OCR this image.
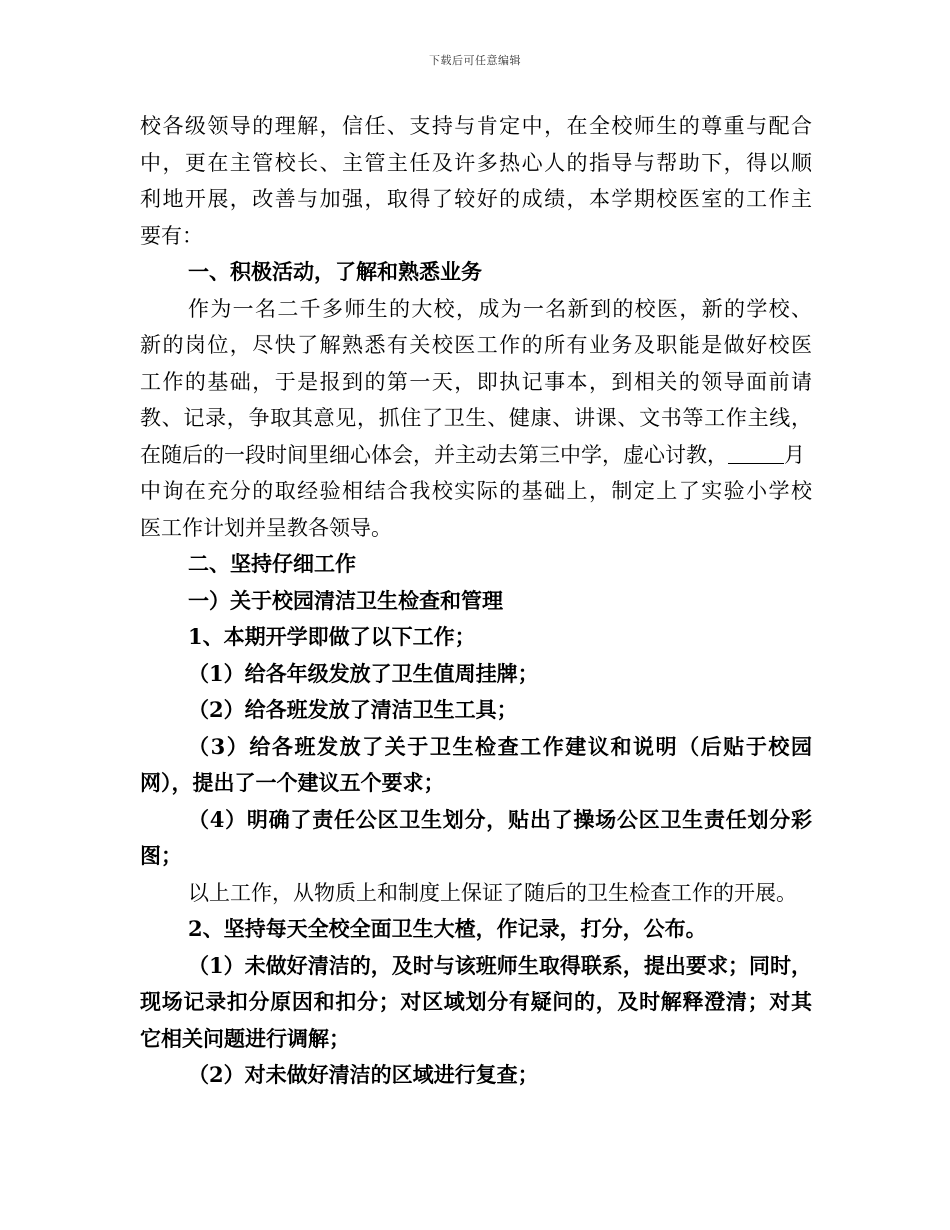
下载后可任意编辑
校各级领导的理解，信任、支持与肯定中，在全校师生的尊重与配合
中，更在主管校长、主管主任及许多热心人的指导与帮助下，得以顺
利地开展，改善与加强，取得了较好的成绩，本学期校医室的工作主
要有：
一、积极活动，了解和熟悉业务
作为一名二千多师生的大校，成为一名新到的校医，新的学校、
新的岗位，尽快了解熟悉有关校医工作的所有业务及职能是做好校医
工作的基础，于是报到的第一天，即执记事本，到相关的领导面前请
教、记录，争取其意见，抓住了卫生、健康、讲课、文书等工作主线，
在随后的一段时间里细心体会，并主动去第三中学，虚心讨教，	月
中询在充分的取经验相结合我校实际的基础上，制定上了实验小学校
医工作计划并呈教各领导。
二、坚持仔细工作
一）关于校园清洁卫生检查和管理
1、本期开学即做了以下工作；
（1）给各年级发放了卫生值周挂牌；
（2）给各班发放了清洁卫生工具；
（3）给各班发放了关于卫生检查工作建议和说明（后贴于校园
网），提出了一个建议五个要求；
（4）明确了责任公区卫生划分，贴出了操场公区卫生责任划分彩
图；
以上工作，从物质上和制度上保证了随后的卫生检查工作的开展。
2、坚持每天全校全面卫生大楂，作记录，打分，公布。
（1）未做好清洁的，及时与该班师生取得联系，提出要求；同时，
现场记录扣分原因和扣分；对区域划分有疑问的，及时解释澄清；对其
它相关问题进行调解；
（2）对未做好清洁的区域进行复查；
